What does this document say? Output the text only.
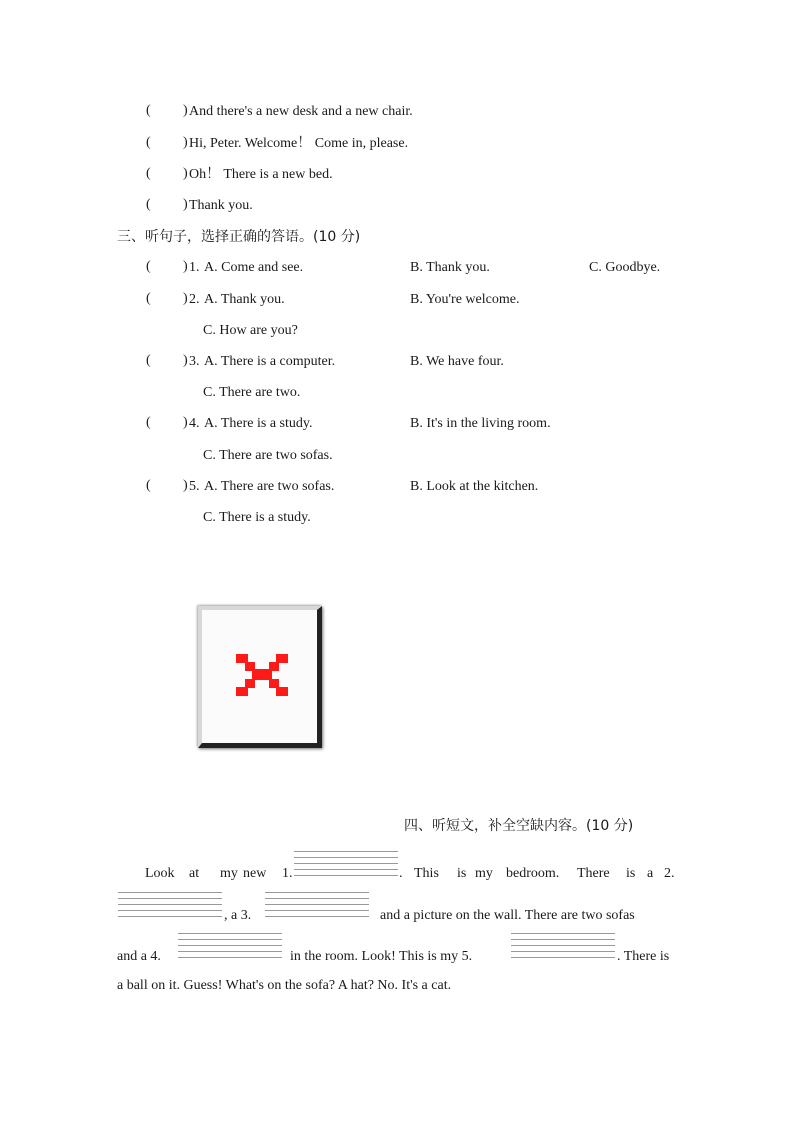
( ) And there's a new desk and a new chair.
( ) Hi, Peter. Welcome！ Come in, please.
( ) Oh！ There is a new bed.
( ) Thank you.
三、听句子，选择正确的答语。(10 分)
( ) 1. A. Come and see.	B. Thank you.	C. Goodbye.
( ) 2. A. Thank you.	B. You're welcome.
C. How are you?
( ) 3. A. There is a computer.	B. We have four.
C. There are two.
( ) 4. A. There is a study.	B. It's in the living room.
C. There are two sofas.
( ) 5. A. There are two sofas.	B. Look at the kitchen.
C. There is a study.
四、听短文，补全空缺内容。(10 分)
Look at my new 1.	. This is my bedroom. There is a 2.
, a 3.	and a picture on the wall. There are two sofas
and a 4.	in the room. Look! This is my 5.	. There is
a ball on it. Guess! What's on the sofa? A hat? No. It's a cat.
